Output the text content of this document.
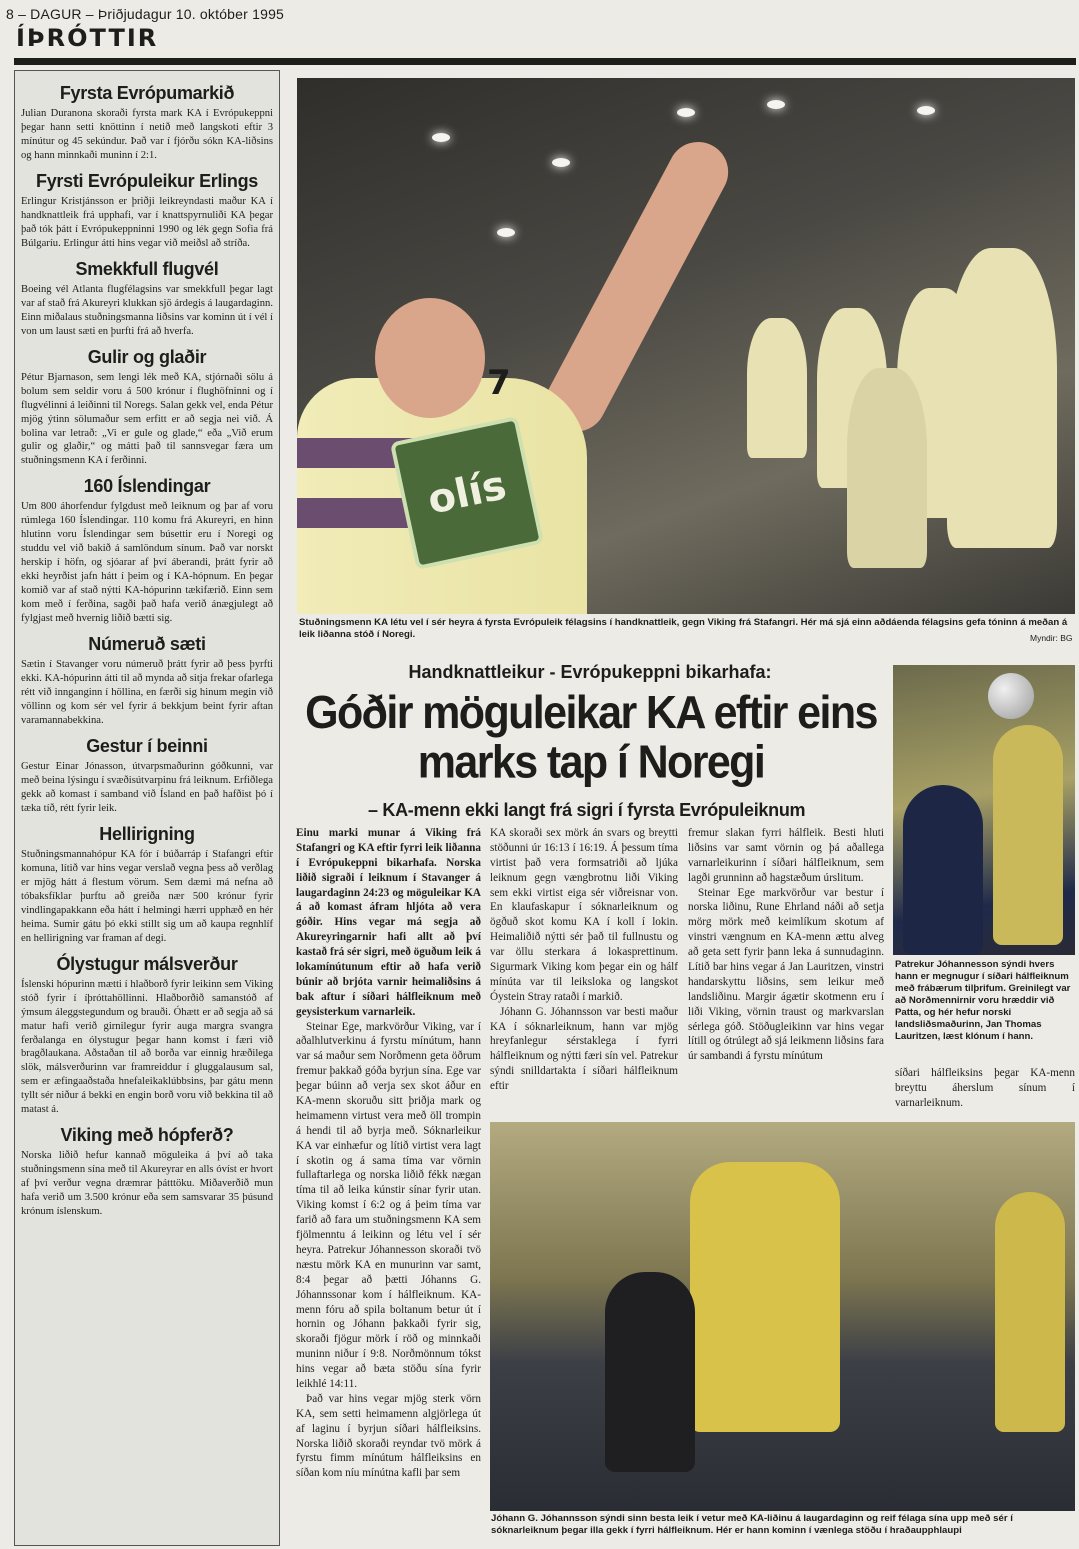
8 – DAGUR – Þriðjudagur 10. október 1995
ÍÞRÓTTIR
Fyrsta Evrópumarkið

Julian Duranona skoraði fyrsta mark KA í Evrópukeppni þegar hann setti knöttinn í netið með langskoti eftir 3 mínútur og 45 sekúndur. Það var í fjórðu sókn KA-liðsins og hann minnkaði muninn í 2:1.

Fyrsti Evrópuleikur Erlings

Erlingur Kristjánsson er þriðji leikreyndasti maður KA í handknattleik frá upphafi, var í knattspyrnuliði KA þegar það tók þátt í Evrópukeppninni 1990 og lék gegn Sofia frá Búlgaríu. Erlingur átti hins vegar við meiðsl að stríða.

Smekkfull flugvél

Boeing vél Atlanta flugfélagsins var smekkfull þegar lagt var af stað frá Akureyri klukkan sjö árdegis á laugardaginn. Einn miðalaus stuðningsmanna liðsins var kominn út í vél í von um laust sæti en þurfti frá að hverfa.

Gulir og glaðir

Pétur Bjarnason, sem lengi lék með KA, stjórnaði sölu á bolum sem seldir voru á 500 krónur í flughöfninni og í flugvélinni á leiðinni til Noregs. Salan gekk vel, enda Pétur mjög ýtinn sölumaður sem erfitt er að segja nei við. Á bolina var letrað: „Vi er gule og glade,“ eða „Við erum gulir og glaðir,“ og mátti það til sannsvegar færa um stuðningsmenn KA í ferðinni.

160 Íslendingar

Um 800 áhorfendur fylgdust með leiknum og þar af voru rúmlega 160 Íslendingar. 110 komu frá Akureyri, en hinn hlutinn voru Íslendingar sem búsettir eru í Noregi og studdu vel við bakið á samlöndum sínum. Það var norskt herskip í höfn, og sjóarar af því áberandi, þrátt fyrir að ekki heyrðist jafn hátt í þeim og í KA-hópnum. En þegar komið var af stað nýtti KA-hópurinn tækifærið. Einn sem kom með í ferðina, sagði það hafa verið ánægjulegt að fylgjast með hvernig liðið bætti sig.

Númeruð sæti

Sætin í Stavanger voru númeruð þrátt fyrir að þess þyrfti ekki. KA-hópurinn átti til að mynda að sitja frekar ofarlega rétt við innganginn í höllina, en færði sig hinum megin við völlinn og kom sér vel fyrir á bekkjum beint fyrir aftan varamannabekkina.

Gestur í beinni

Gestur Einar Jónasson, útvarpsmaðurinn góðkunni, var með beina lýsingu í svæðisútvarpinu frá leiknum. Erfiðlega gekk að komast í samband við Ísland en það hafðist þó í tæka tíð, rétt fyrir leik.

Hellirigning

Stuðningsmannahópur KA fór í búðarráp í Stafangri eftir komuna, lítið var hins vegar verslað vegna þess að verðlag er mjög hátt á flestum vörum. Sem dæmi má nefna að tóbaksfíklar þurftu að greiða nær 500 krónur fyrir vindlingapakkann eða hátt í helmingi hærri upphæð en hér heima. Sumir gátu þó ekki stillt sig um að kaupa regnhlíf en hellirigning var framan af degi.

Ólystugur málsverður

Íslenski hópurinn mætti í hlaðborð fyrir leikinn sem Viking stóð fyrir í íþróttahöllinni. Hlaðborðið samanstóð af ýmsum áleggstegundum og brauði. Óhætt er að segja að sá matur hafi verið girnilegur fyrir auga margra svangra ferðalanga en ólystugur þegar hann komst í færi við bragðlaukana. Aðstaðan til að borða var einnig hræðilega slök, málsverðurinn var framreiddur í gluggalausum sal, sem er æfingaaðstaða hnefaleikaklúbbsins, þar gátu menn tyllt sér niður á bekki en engin borð voru við bekkina til að matast á.

Viking með hópferð?

Norska liðið hefur kannað möguleika á því að taka stuðningsmenn sína með til Akureyrar en alls óvíst er hvort af því verður vegna dræmrar þátttöku. Miðaverðið mun hafa verið um 3.500 krónur eða sem samsvarar 35 þúsund krónum íslenskum.

olís
7
Stuðningsmenn KA létu vel í sér heyra á fyrsta Evrópuleik félagsins í handknattleik, gegn Viking frá Stafangri. Hér má sjá einn aðdáenda félagsins gefa tóninn á meðan á leik liðanna stóð í Noregi.	Myndir: BG
Handknattleikur - Evrópukeppni bikarhafa:
Góðir möguleikar KA eftir eins marks tap í Noregi
– KA-menn ekki langt frá sigri í fyrsta Evrópuleiknum

Einu marki munar á Viking frá Stafangri og KA eftir fyrri leik liðanna í Evrópukeppni bikarhafa. Norska liðið sigraði í leiknum í Stavanger á laugardaginn 24:23 og möguleikar KA á að komast áfram hljóta að vera góðir. Hins vegar má segja að Akureyringarnir hafi allt að því kastað frá sér sigri, með öguðum leik á lokamínútunum eftir að hafa verið búnir að brjóta varnir heimaliðsins á bak aftur í síðari hálfleiknum með geysisterkum varnarleik.

Steinar Ege, markvörður Viking, var í aðalhlutverkinu á fyrstu mínútum, hann var sá maður sem Norðmenn geta öðrum fremur þakkað góða byrjun sína. Ege var þegar búinn að verja sex skot áður en KA-menn skoruðu sitt þriðja mark og heimamenn virtust vera með öll trompin á hendi til að byrja með. Sóknarleikur KA var einhæfur og lítið virtist vera lagt í skotin og á sama tíma var vörnin fullaftarlega og norska liðið fékk nægan tíma til að leika kúnstir sínar fyrir utan. Viking komst í 6:2 og á þeim tíma var farið að fara um stuðningsmenn KA sem fjölmenntu á leikinn og létu vel í sér heyra. Patrekur Jóhannesson skoraði tvö næstu mörk KA en munurinn var samt, 8:4 þegar að þætti Jóhanns G. Jóhannssonar kom í hálfleiknum. KA-menn fóru að spila boltanum betur út í hornin og Jóhann þakkaði fyrir sig, skoraði fjögur mörk í röð og minnkaði muninn niður í 9:8. Norðmönnum tókst hins vegar að bæta stöðu sína fyrir leikhlé 14:11.

Það var hins vegar mjög sterk vörn KA, sem setti heimamenn algjörlega út af laginu í byrjun síðari hálfleiksins. Norska liðið skoraði reyndar tvö mörk á fyrstu fimm mínútum hálfleiksins en síðan kom níu mínútna kafli þar sem

KA skoraði sex mörk án svars og breytti stöðunni úr 16:13 í 16:19. Á þessum tíma virtist það vera formsatriði að ljúka leiknum gegn vængbrotnu liði Viking sem ekki virtist eiga sér viðreisnar von. En klaufaskapur í sóknarleiknum og ögðuð skot komu KA í koll í lokin. Heimaliðið nýtti sér það til fullnustu og var öllu sterkara á lokasprettinum. Sigurmark Viking kom þegar ein og hálf mínúta var til leiksloka og langskot Óystein Stray rataði í markið.

Jóhann G. Jóhannsson var besti maður KA í sóknarleiknum, hann var mjög hreyfanlegur sérstaklega í fyrri hálfleiknum og nýtti færi sín vel. Patrekur sýndi snilldartakta í síðari hálfleiknum eftir

fremur slakan fyrri hálfleik. Besti hluti liðsins var samt vörnin og þá aðallega varnarleikurinn í síðari hálfleiknum, sem lagði grunninn að hagstæðum úrslitum.

Steinar Ege markvörður var bestur í norska liðinu, Rune Ehrland náði að setja mörg mörk með keimlíkum skotum af vinstri vængnum en KA-menn ættu alveg að geta sett fyrir þann leka á sunnudaginn. Lítið bar hins vegar á Jan Lauritzen, vinstri handarskyttu liðsins, sem leikur með landsliðinu. Margir ágætir skotmenn eru í liði Viking, vörnin traust og markvarslan sérlega góð. Stöðugleikinn var hins vegar lítill og ótrúlegt að sjá leikmenn liðsins fara úr sambandi á fyrstu mínútum

Patrekur Jóhannesson sýndi hvers hann er megnugur í síðari hálfleiknum með frábærum tilþrifum. Greinilegt var að Norðmennirnir voru hræddir við Patta, og hér hefur norski landsliðsmaðurinn, Jan Thomas Lauritzen, læst klónum í hann.
síðari hálfleiksins þegar KA-menn breyttu áherslum sínum í varnarleiknum.
Jóhann G. Jóhannsson sýndi sinn besta leik í vetur með KA-liðinu á laugardaginn og reif félaga sína upp með sér í sóknarleiknum þegar illa gekk í fyrri hálfleiknum. Hér er hann kominn í vænlega stöðu í hraðaupphlaupi
